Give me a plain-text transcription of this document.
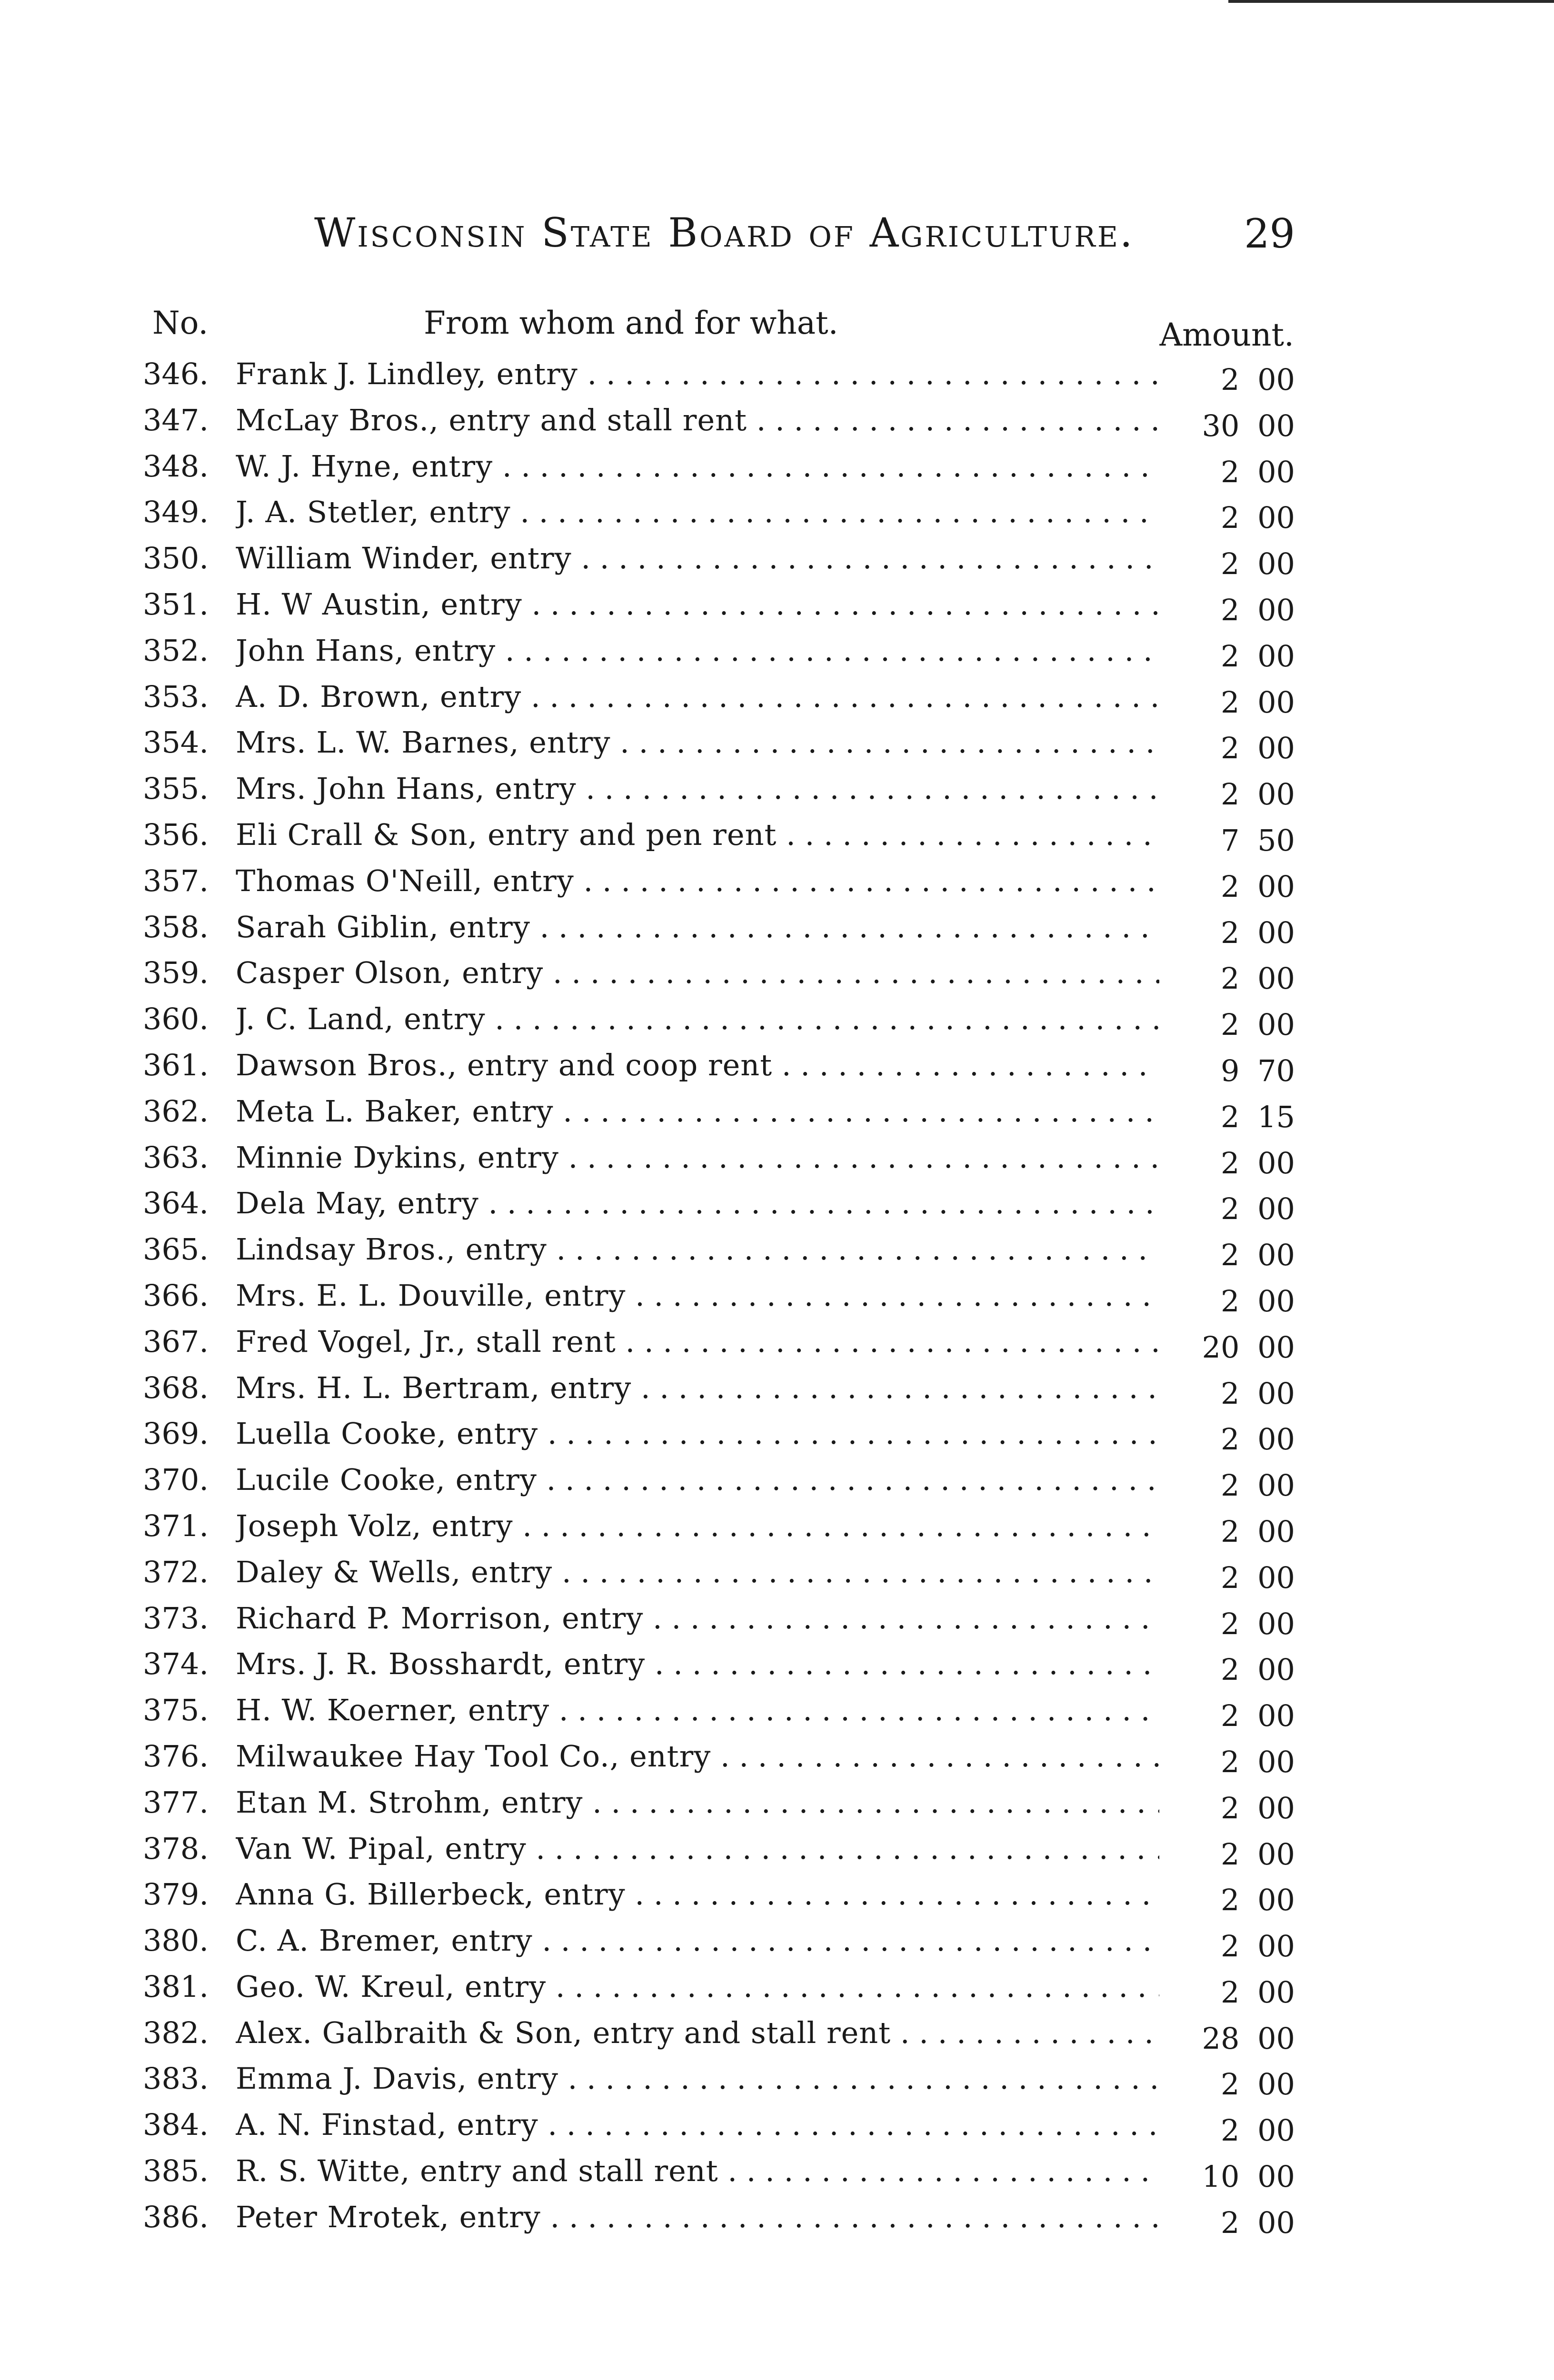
Wisconsin State Board of Agriculture.	29
No.	From whom and for what.	Amount.
346. Frank J. Lindley, entry . . .	2 00
347. McLay Bros., entry and stall rent . . .	30 00
348. W. J. Hyne, entry . . .	2 00
349. J. A. Stetler, entry . . .	2 00
350. William Winder, entry . . .	2 00
351. H. W Austin, entry . . .	2 00
352. John Hans, entry . . .	2 00
353. A. D. Brown, entry . . .	2 00
354. Mrs. L. W. Barnes, entry . . .	2 00
355. Mrs. John Hans, entry . . .	2 00
356. Eli Crall & Son, entry and pen rent . . .	7 50
357. Thomas O'Neill, entry . . .	2 00
358. Sarah Giblin, entry . . .	2 00
359. Casper Olson, entry . . .	2 00
360. J. C. Land, entry . . .	2 00
361. Dawson Bros., entry and coop rent . . .	9 70
362. Meta L. Baker, entry . . .	2 15
363. Minnie Dykins, entry . . .	2 00
364. Dela May, entry . . .	2 00
365. Lindsay Bros., entry . . .	2 00
366. Mrs. E. L. Douville, entry . . .	2 00
367. Fred Vogel, Jr., stall rent . . .	20 00
368. Mrs. H. L. Bertram, entry . . .	2 00
369. Luella Cooke, entry . . .	2 00
370. Lucile Cooke, entry . . .	2 00
371. Joseph Volz, entry . . .	2 00
372. Daley & Wells, entry . . .	2 00
373. Richard P. Morrison, entry . . .	2 00
374. Mrs. J. R. Bosshardt, entry . . .	2 00
375. H. W. Koerner, entry . . .	2 00
376. Milwaukee Hay Tool Co., entry . . .	2 00
377. Etan M. Strohm, entry . . .	2 00
378. Van W. Pipal, entry . . .	2 00
379. Anna G. Billerbeck, entry . . .	2 00
380. C. A. Bremer, entry . . .	2 00
381. Geo. W. Kreul, entry . . .	2 00
382. Alex. Galbraith & Son, entry and stall rent . . .	28 00
383. Emma J. Davis, entry . . .	2 00
384. A. N. Finstad, entry . . .	2 00
385. R. S. Witte, entry and stall rent . . .	10 00
386. Peter Mrotek, entry . . .	2 00
